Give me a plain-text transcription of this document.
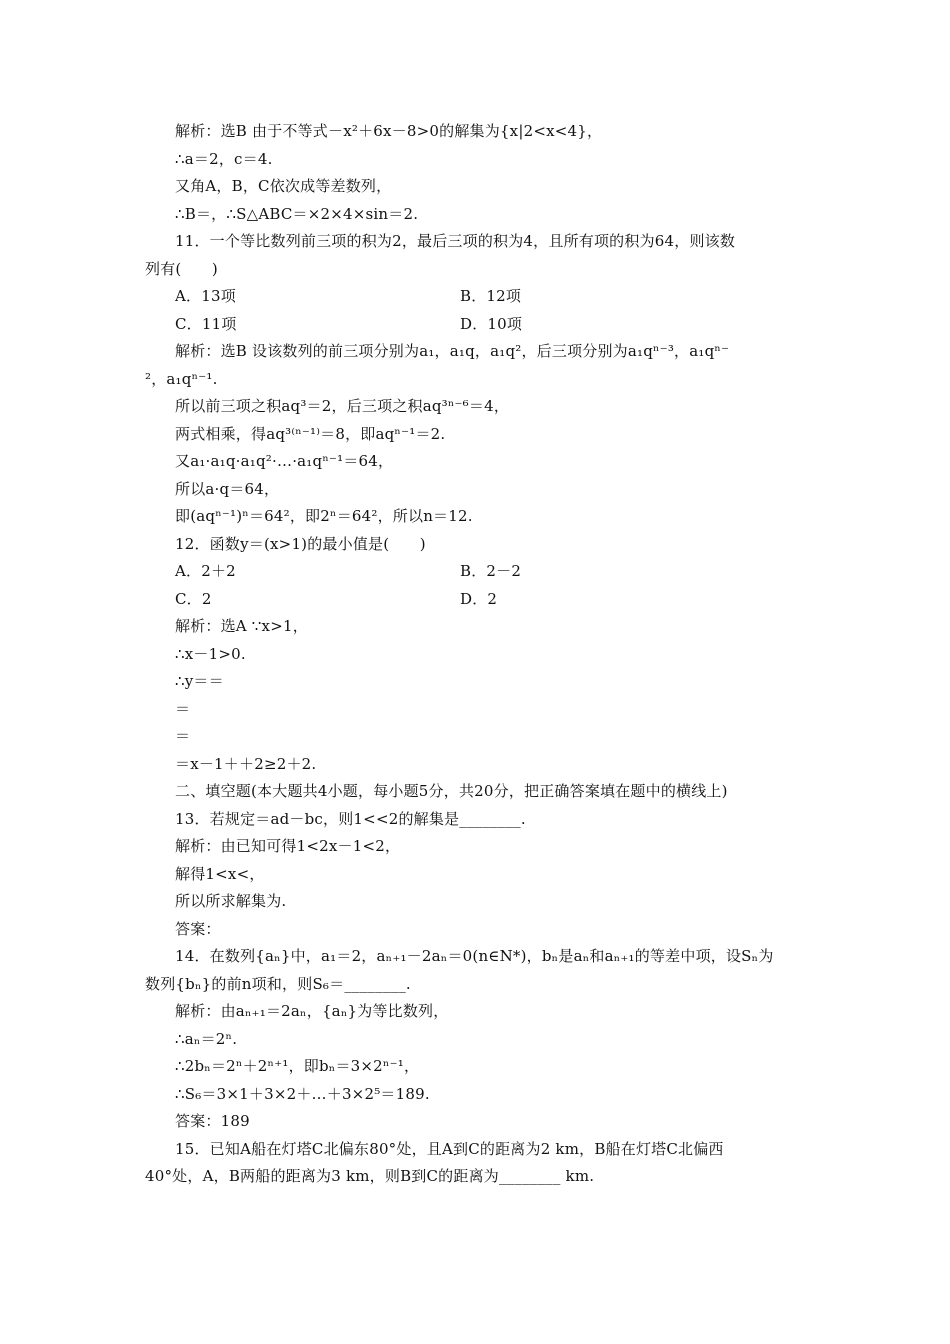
解析：选B 由于不等式－x²＋6x－8>0的解集为{x|2<x<4}，
∴a＝2，c＝4.
又角A，B，C依次成等差数列，
∴B＝，∴S△ABC＝×2×4×sin＝2.
11．一个等比数列前三项的积为2，最后三项的积为4，且所有项的积为64，则该数
列有(　　)
A．13项	B．12项
C．11项	D．10项
解析：选B 设该数列的前三项分别为a₁，a₁q，a₁q²，后三项分别为a₁qⁿ⁻³，a₁qⁿ⁻
²，a₁qⁿ⁻¹.
所以前三项之积aq³＝2，后三项之积aq³ⁿ⁻⁶＝4，
两式相乘，得aq³⁽ⁿ⁻¹⁾＝8，即aqⁿ⁻¹＝2.
又a₁·a₁q·a₁q²·…·a₁qⁿ⁻¹＝64，
所以a·q＝64，
即(aqⁿ⁻¹)ⁿ＝64²，即2ⁿ＝64²，所以n＝12.
12．函数y＝(x>1)的最小值是(　　)
A．2＋2	B．2－2
C．2	D．2
解析：选A ∵x>1，
∴x－1>0.
∴y＝＝
＝
＝
＝x－1＋＋2≥2＋2.
二、填空题(本大题共4小题，每小题5分，共20分，把正确答案填在题中的横线上)
13．若规定＝ad－bc，则1<<2的解集是________.
解析：由已知可得1<2x－1<2，
解得1<x<，
所以所求解集为.
答案：
14．在数列{aₙ}中，a₁＝2，aₙ₊₁－2aₙ＝0(n∈N*)，bₙ是aₙ和aₙ₊₁的等差中项，设Sₙ为
数列{bₙ}的前n项和，则S₆＝________.
解析：由aₙ₊₁＝2aₙ，{aₙ}为等比数列，
∴aₙ＝2ⁿ.
∴2bₙ＝2ⁿ＋2ⁿ⁺¹，即bₙ＝3×2ⁿ⁻¹，
∴S₆＝3×1＋3×2＋…＋3×2⁵＝189.
答案：189
15．已知A船在灯塔C北偏东80°处，且A到C的距离为2 km，B船在灯塔C北偏西
40°处，A，B两船的距离为3 km，则B到C的距离为________ km.
